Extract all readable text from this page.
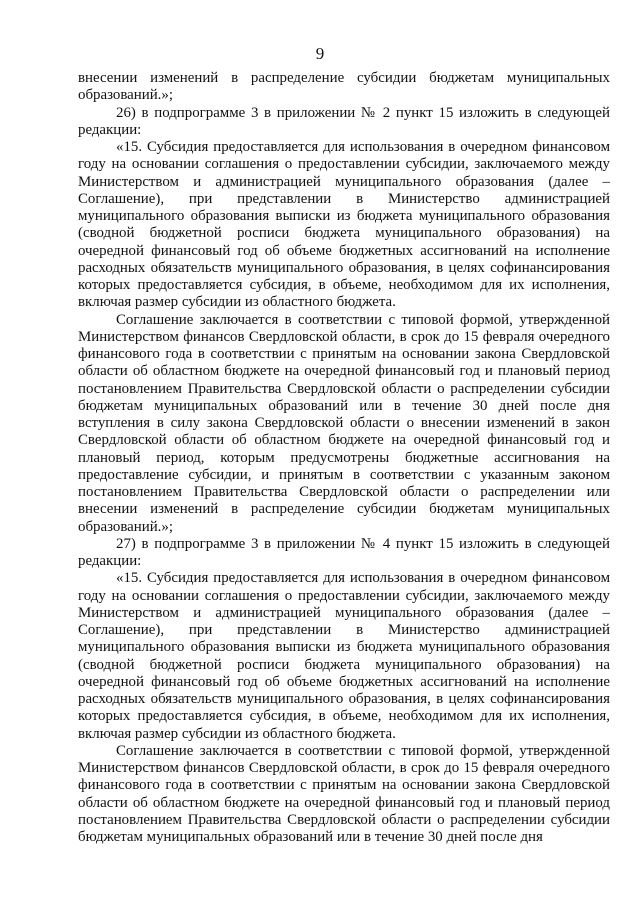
9

внесении изменений в распределение субсидии бюджетам муниципальных образований.»;

26) в подпрограмме 3 в приложении № 2 пункт 15 изложить в следующей редакции:

«15. Субсидия предоставляется для использования в очередном финансовом году на основании соглашения о предоставлении субсидии, заключаемого между Министерством и администрацией муниципального образования (далее – Соглашение), при представлении в Министерство администрацией муниципального образования выписки из бюджета муниципального образования (сводной бюджетной росписи бюджета муниципального образования) на очередной финансовый год об объеме бюджетных ассигнований на исполнение расходных обязательств муниципального образования, в целях софинансирования которых предоставляется субсидия, в объеме, необходимом для их исполнения, включая размер субсидии из областного бюджета.

Соглашение заключается в соответствии с типовой формой, утвержденной Министерством финансов Свердловской области, в срок до 15 февраля очередного финансового года в соответствии с принятым на основании закона Свердловской области об областном бюджете на очередной финансовый год и плановый период постановлением Правительства Свердловской области о распределении субсидии бюджетам муниципальных образований или в течение 30 дней после дня вступления в силу закона Свердловской области о внесении изменений в закон Свердловской области об областном бюджете на очередной финансовый год и плановый период, которым предусмотрены бюджетные ассигнования на предоставление субсидии, и принятым в соответствии с указанным законом постановлением Правительства Свердловской области о распределении или внесении изменений в распределение субсидии бюджетам муниципальных образований.»;

27) в подпрограмме 3 в приложении № 4 пункт 15 изложить в следующей редакции:

«15. Субсидия предоставляется для использования в очередном финансовом году на основании соглашения о предоставлении субсидии, заключаемого между Министерством и администрацией муниципального образования (далее – Соглашение), при представлении в Министерство администрацией муниципального образования выписки из бюджета муниципального образования (сводной бюджетной росписи бюджета муниципального образования) на очередной финансовый год об объеме бюджетных ассигнований на исполнение расходных обязательств муниципального образования, в целях софинансирования которых предоставляется субсидия, в объеме, необходимом для их исполнения, включая размер субсидии из областного бюджета.

Соглашение заключается в соответствии с типовой формой, утвержденной Министерством финансов Свердловской области, в срок до 15 февраля очередного финансового года в соответствии с принятым на основании закона Свердловской области об областном бюджете на очередной финансовый год и плановый период постановлением Правительства Свердловской области о распределении субсидии бюджетам муниципальных образований или в течение 30 дней после дня
